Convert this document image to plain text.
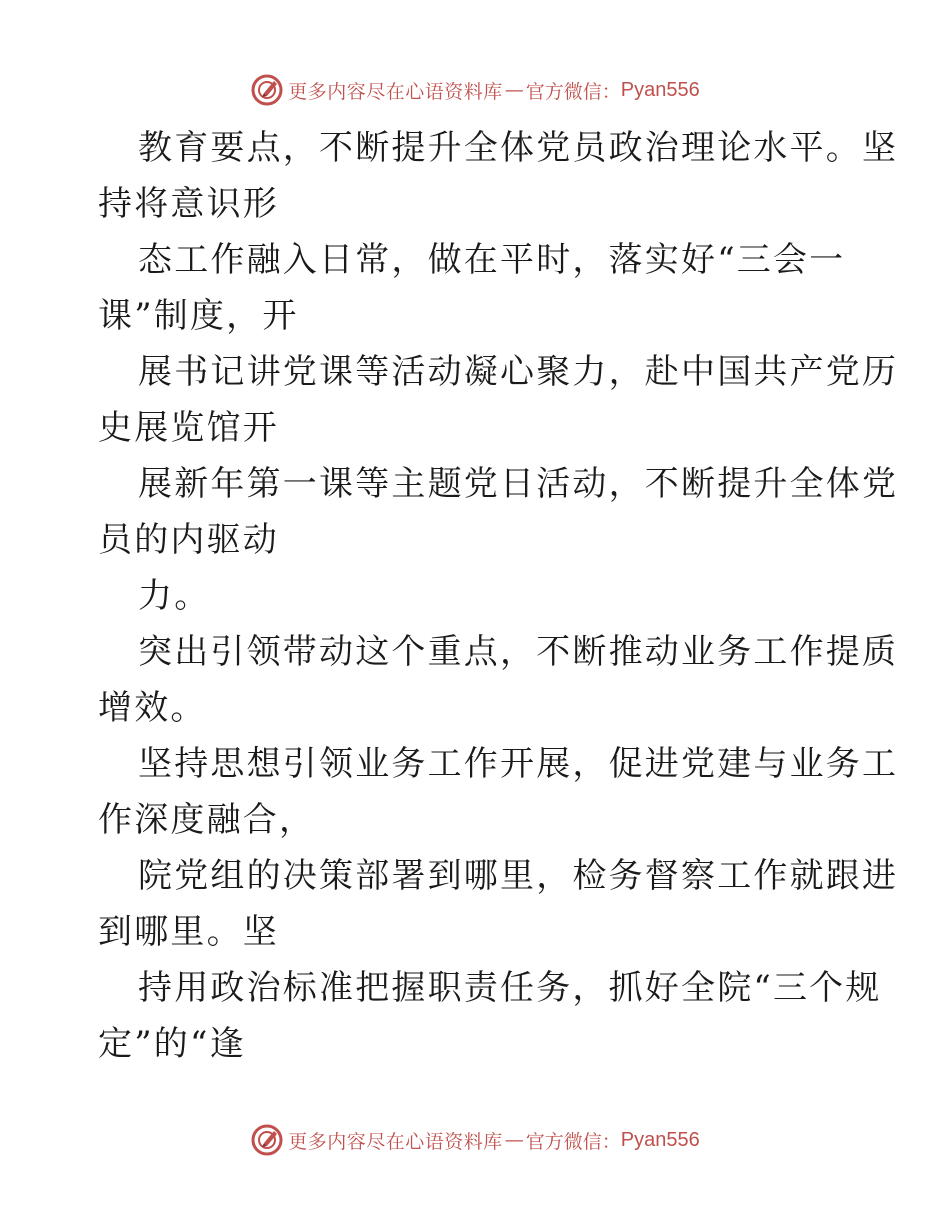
更多内容尽在心语资料库 — 官方微信： Pyan556
教育要点，不断提升全体党员政治理论水平。坚
持将意识形
态工作融入日常，做在平时，落实好“三会一
课”制度，开
展书记讲党课等活动凝心聚力，赴中国共产党历
史展览馆开
展新年第一课等主题党日活动，不断提升全体党
员的内驱动
力。
突出引领带动这个重点，不断推动业务工作提质
增效。
坚持思想引领业务工作开展，促进党建与业务工
作深度融合，
院党组的决策部署到哪里，检务督察工作就跟进
到哪里。坚
持用政治标准把握职责任务，抓好全院“三个规
定”的“逢
更多内容尽在心语资料库 — 官方微信： Pyan556
